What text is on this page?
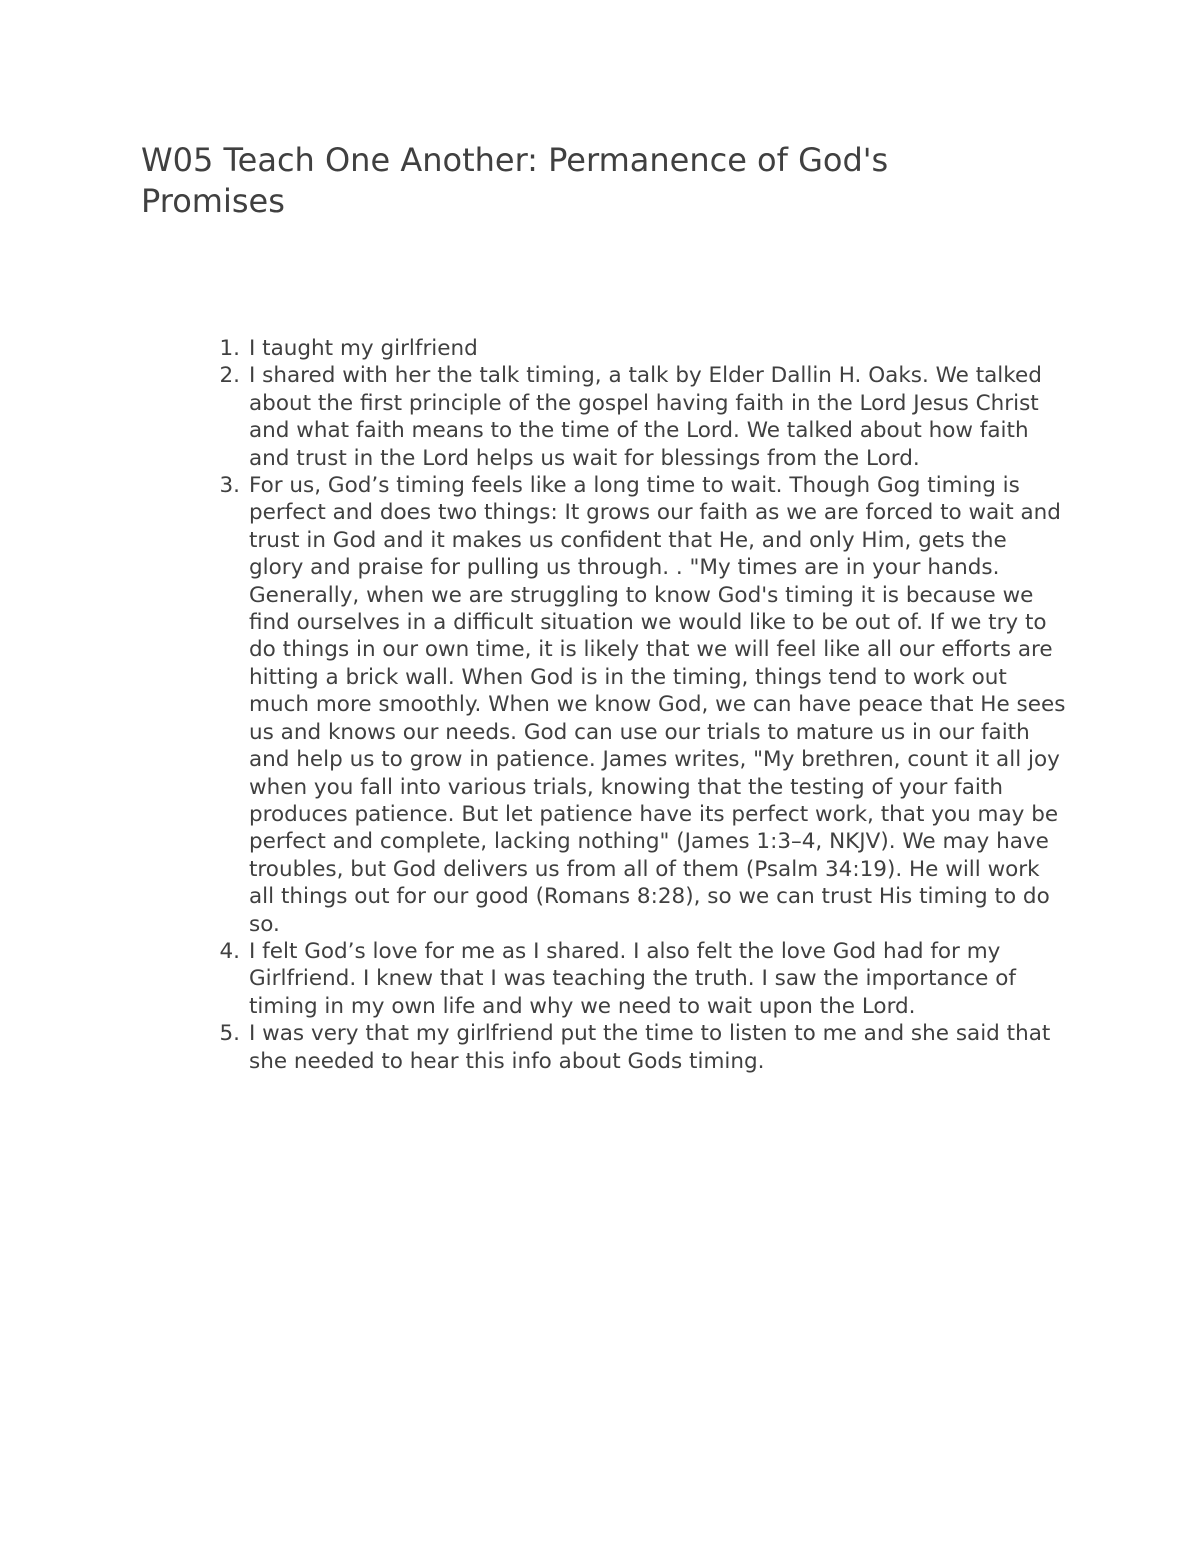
W05 Teach One Another: Permanence of God's Promises
1. I taught my girlfriend
2. I shared with her the talk timing, a talk by Elder Dallin H. Oaks. We talked about the first principle of the gospel having faith in the Lord Jesus Christ and what faith means to the time of the Lord. We talked about how faith and trust in the Lord helps us wait for blessings from the Lord.
3. For us, God’s timing feels like a long time to wait. Though Gog timing is perfect and does two things: It grows our faith as we are forced to wait and trust in God and it makes us confident that He, and only Him, gets the glory and praise for pulling us through. . "My times are in your hands. Generally, when we are struggling to know God's timing it is because we find ourselves in a difficult situation we would like to be out of. If we try to do things in our own time, it is likely that we will feel like all our efforts are hitting a brick wall. When God is in the timing, things tend to work out much more smoothly. When we know God, we can have peace that He sees us and knows our needs. God can use our trials to mature us in our faith and help us to grow in patience. James writes, "My brethren, count it all joy when you fall into various trials, knowing that the testing of your faith produces patience. But let patience have its perfect work, that you may be perfect and complete, lacking nothing" (James 1:3–4, NKJV). We may have troubles, but God delivers us from all of them (Psalm 34:19). He will work all things out for our good (Romans 8:28), so we can trust His timing to do so.
4. I felt God’s love for me as I shared. I also felt the love God had for my Girlfriend. I knew that I was teaching the truth. I saw the importance of timing in my own life and why we need to wait upon the Lord.
5. I was very that my girlfriend put the time to listen to me and she said that she needed to hear this info about Gods timing.
